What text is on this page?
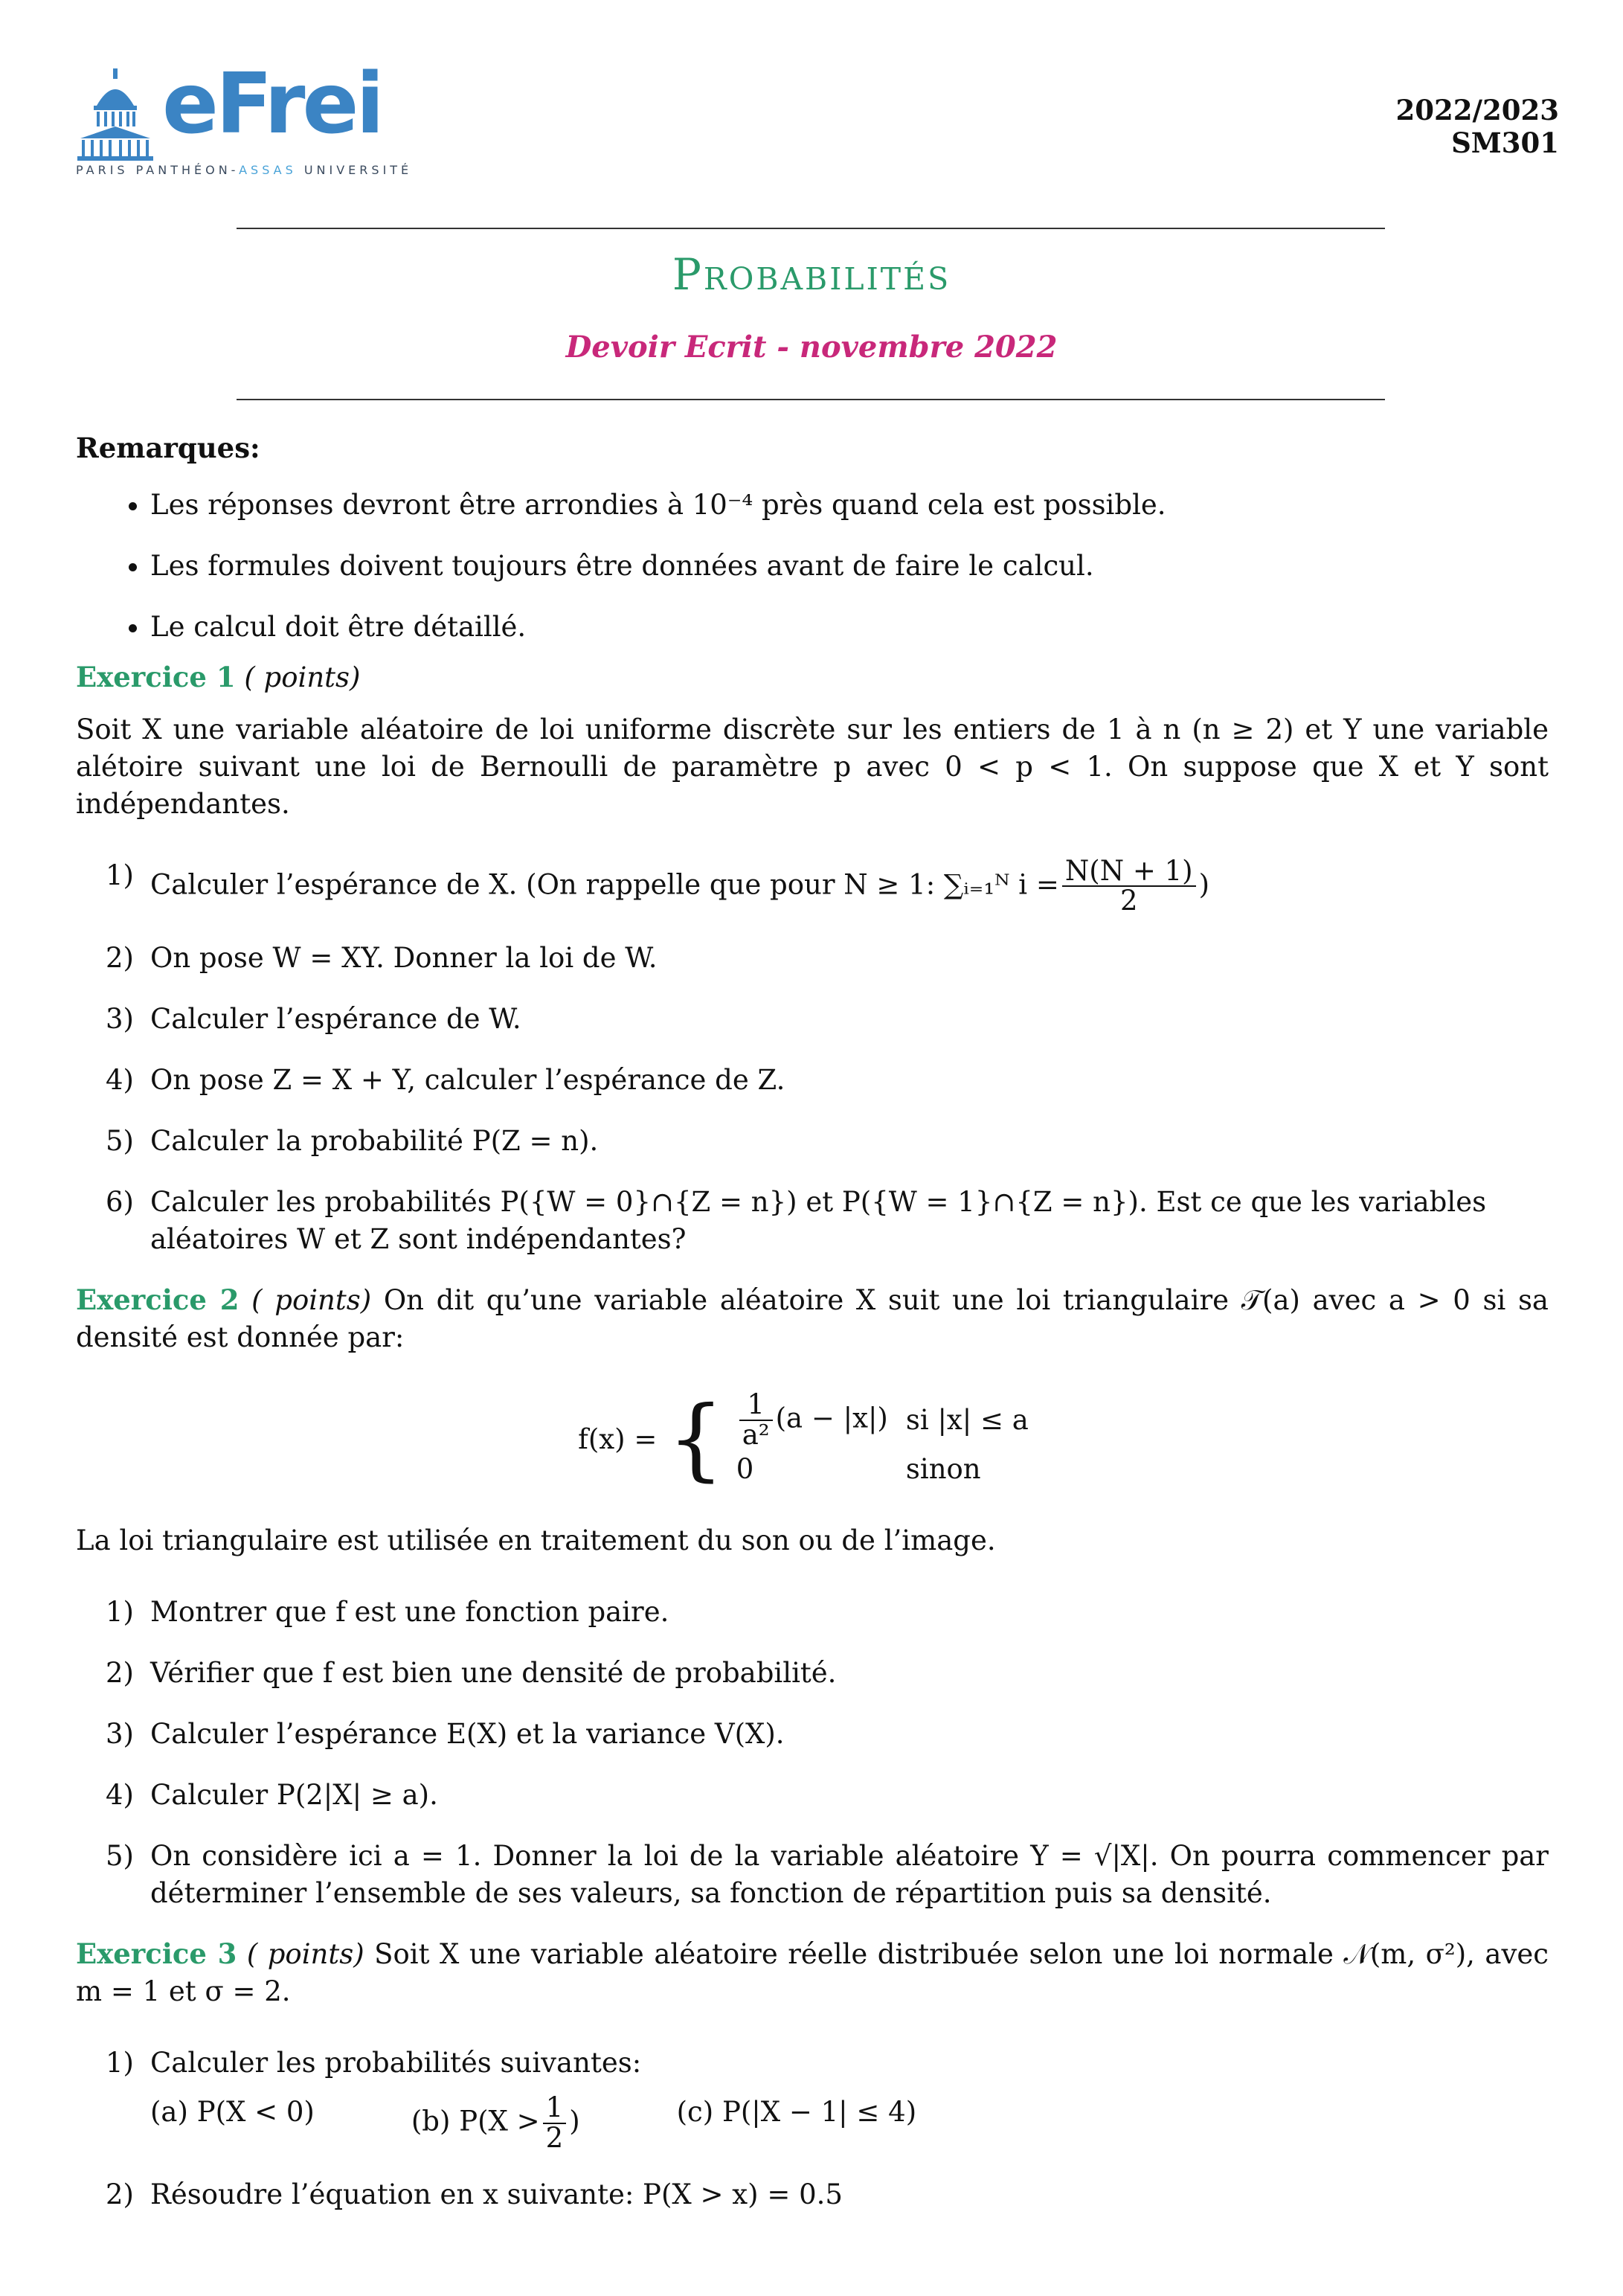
eFrei
PARIS PANTHÉON-ASSAS UNIVERSITÉ
2022/2023
SM301
Probabilités
Devoir Ecrit - novembre 2022

Remarques:

• Les réponses devront être arrondies à 10⁻⁴ près quand cela est possible.
• Les formules doivent toujours être données avant de faire le calcul.
• Le calcul doit être détaillé.

Exercice 1 ( points)

Soit X une variable aléatoire de loi uniforme discrète sur les entiers de 1 à n (n ≥ 2) et Y une variable alétoire suivant une loi de Bernoulli de paramètre p avec 0 < p < 1. On suppose que X et Y sont indépendantes.

1) Calculer l’espérance de X. (On rappelle que pour N ≥ 1: ∑ᵢ₌₁ᴺ $i = \frac{N(N + 1)}{2}$ )
2) On pose W = XY. Donner la loi de W.
3) Calculer l’espérance de W.
4) On pose Z = X + Y, calculer l’espérance de Z.
5) Calculer la probabilité P(Z = n).
6) Calculer les probabilités P({W = 0}∩{Z = n}) et P({W = 1}∩{Z = n}). Est ce que les variables aléatoires W et Z sont indépendantes?

Exercice 2 ( points) On dit qu’une variable aléatoire X suit une loi triangulaire 𝒯(a) avec a > 0 si sa densité est donnée par:

f(x) = { $\frac{1}{\text{a²}} (a - |x|)$	si |x| ≤ a
0	sinon

La loi triangulaire est utilisée en traitement du son ou de l’image.

1) Montrer que f est une fonction paire.
2) Vérifier que f est bien une densité de probabilité.
3) Calculer l’espérance E(X) et la variance V(X).
4) Calculer P(2|X| ≥ a).
5) On considère ici a = 1. Donner la loi de la variable aléatoire Y = √|X|. On pourra commencer par déterminer l’ensemble de ses valeurs, sa fonction de répartition puis sa densité.

Exercice 3 ( points) Soit X une variable aléatoire réelle distribuée selon une loi normale 𝒩(m, σ²), avec m = 1 et σ = 2.

1) Calculer les probabilités suivantes:
(a) P(X < 0)	(b) $P(X > \frac{1}{2}$ )	(c) P(|X − 1| ≤ 4)
2) Résoudre l’équation en x suivante: P(X > x) = 0.5
